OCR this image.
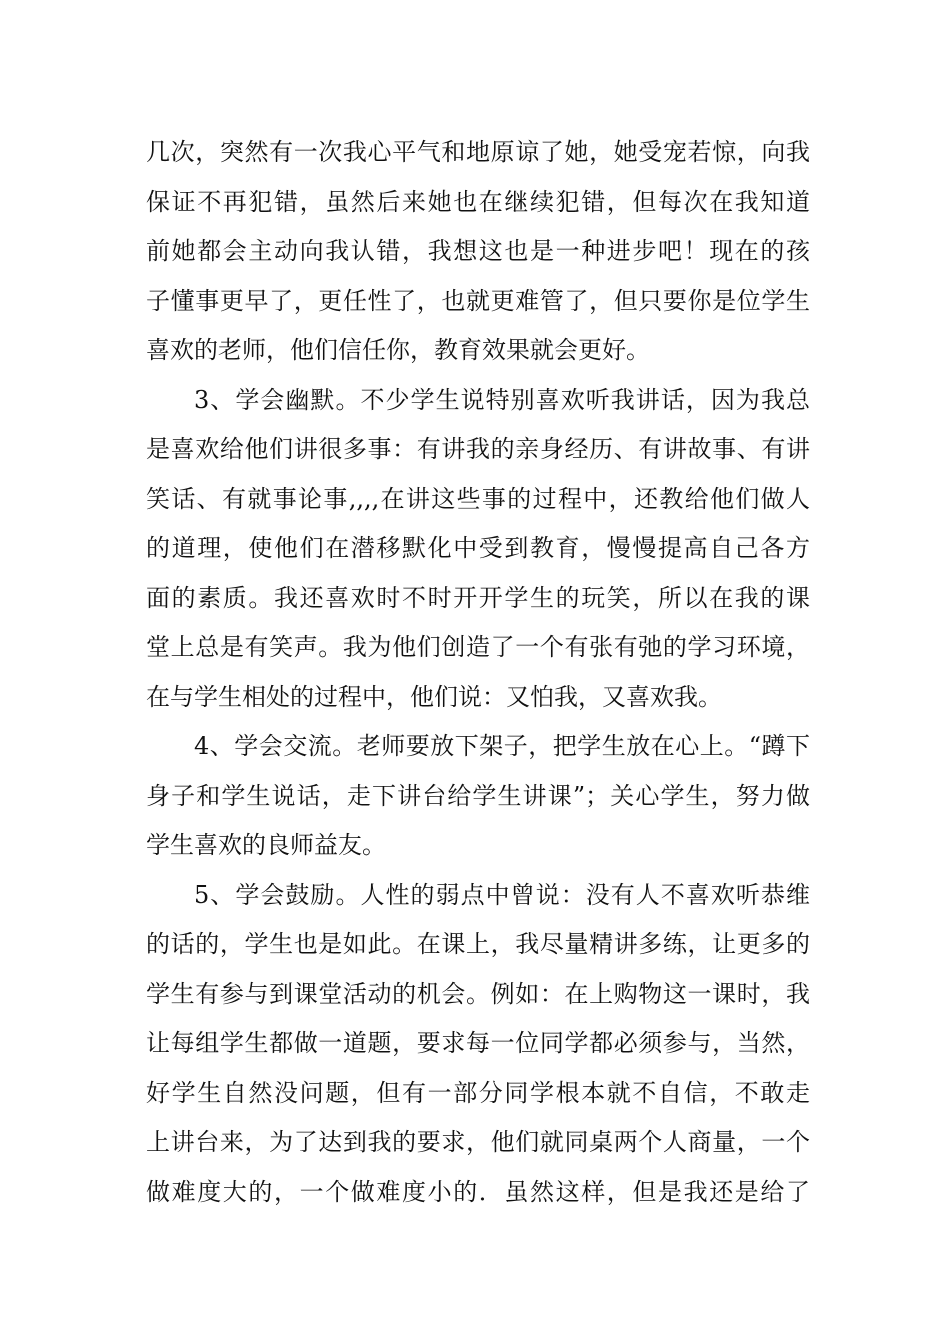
几次，突然有一次我心平气和地原谅了她，她受宠若惊，向我
保证不再犯错，虽然后来她也在继续犯错，但每次在我知道
前她都会主动向我认错，我想这也是一种进步吧！现在的孩
子懂事更早了，更任性了，也就更难管了，但只要你是位学生
喜欢的老师，他们信任你，教育效果就会更好。
3、学会幽默。不少学生说特别喜欢听我讲话，因为我总
是喜欢给他们讲很多事：有讲我的亲身经历、有讲故事、有讲
笑话、有就事论事,,,,在讲这些事的过程中，还教给他们做人
的道理，使他们在潜移默化中受到教育，慢慢提高自己各方
面的素质。我还喜欢时不时开开学生的玩笑，所以在我的课
堂上总是有笑声。我为他们创造了一个有张有弛的学习环境，
在与学生相处的过程中，他们说：又怕我，又喜欢我。
4、学会交流。老师要放下架子，把学生放在心上。“蹲下
身子和学生说话，走下讲台给学生讲课”；关心学生，努力做
学生喜欢的良师益友。
5、学会鼓励。人性的弱点中曾说：没有人不喜欢听恭维
的话的，学生也是如此。在课上，我尽量精讲多练，让更多的
学生有参与到课堂活动的机会。例如：在上购物这一课时，我
让每组学生都做一道题，要求每一位同学都必须参与，当然，
好学生自然没问题，但有一部分同学根本就不自信，不敢走
上讲台来，为了达到我的要求，他们就同桌两个人商量，一个
做难度大的，一个做难度小的．虽然这样，但是我还是给了
